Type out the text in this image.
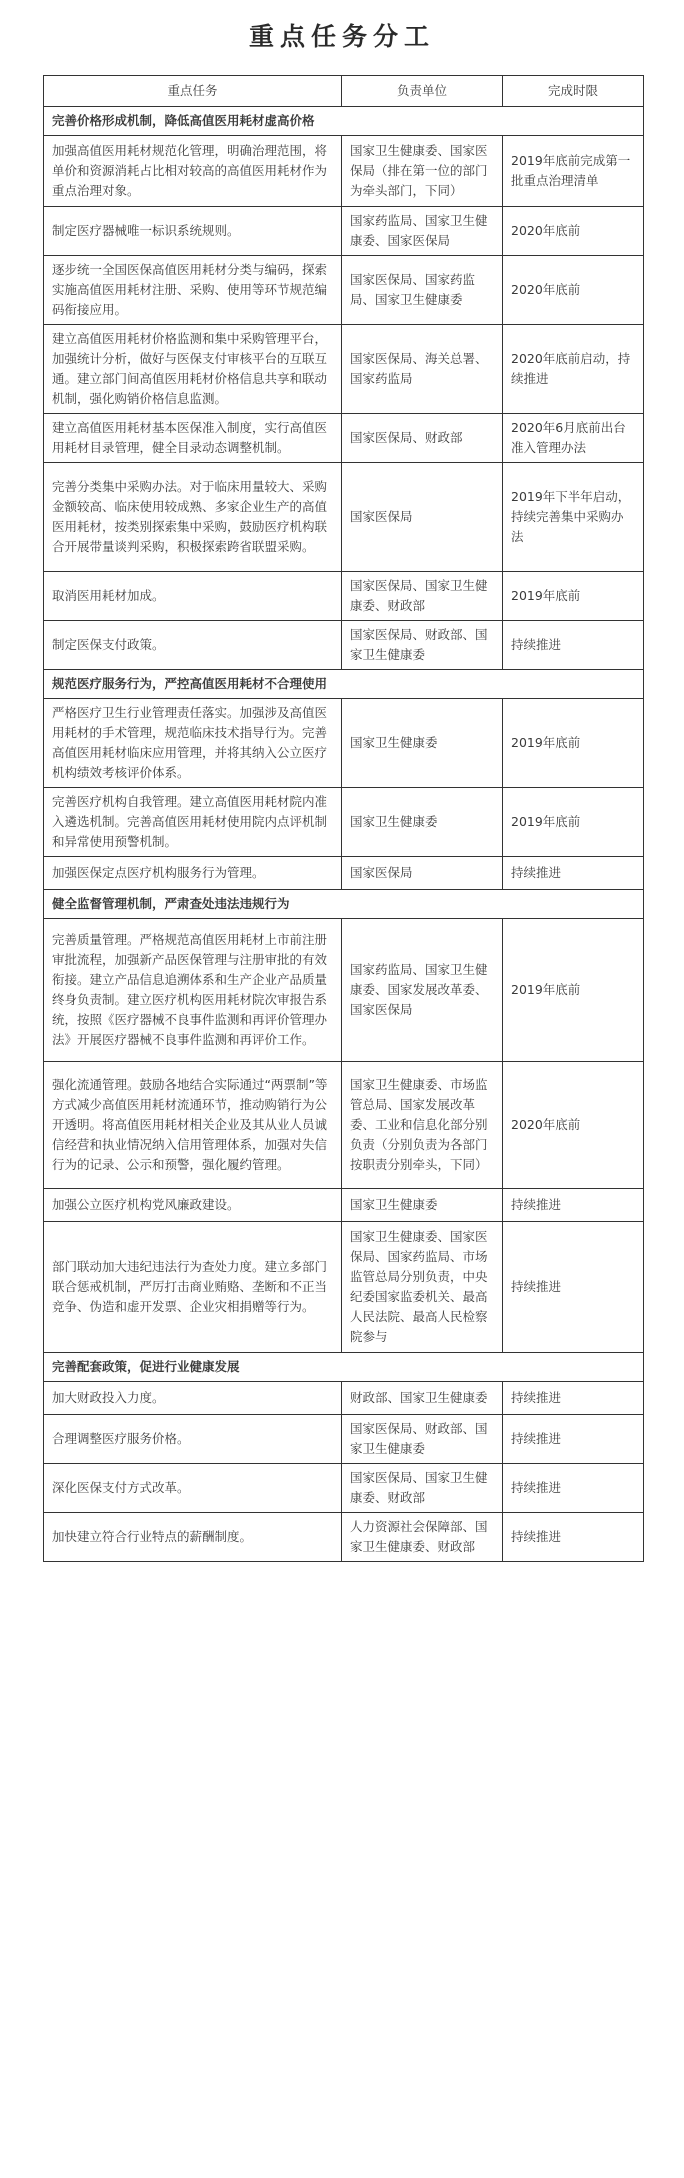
重点任务分工
重点任务	负责单位	完成时限
完善价格形成机制，降低高值医用耗材虚高价格		
加强高值医用耗材规范化管理，明确治理范围，将单价和资源消耗占比相对较高的高值医用耗材作为重点治理对象。	国家卫生健康委、国家医保局（排在第一位的部门为牵头部门，下同）	2019年底前完成第一批重点治理清单
制定医疗器械唯一标识系统规则。	国家药监局、国家卫生健康委、国家医保局	2020年底前
逐步统一全国医保高值医用耗材分类与编码，探索实施高值医用耗材注册、采购、使用等环节规范编码衔接应用。	国家医保局、国家药监局、国家卫生健康委	2020年底前
建立高值医用耗材价格监测和集中采购管理平台，加强统计分析，做好与医保支付审核平台的互联互通。建立部门间高值医用耗材价格信息共享和联动机制，强化购销价格信息监测。	国家医保局、海关总署、国家药监局	2020年底前启动，持续推进
建立高值医用耗材基本医保准入制度，实行高值医用耗材目录管理，健全目录动态调整机制。	国家医保局、财政部	2020年6月底前出台准入管理办法
完善分类集中采购办法。对于临床用量较大、采购金额较高、临床使用较成熟、多家企业生产的高值医用耗材，按类别探索集中采购，鼓励医疗机构联合开展带量谈判采购，积极探索跨省联盟采购。	国家医保局	2019年下半年启动，持续完善集中采购办法
取消医用耗材加成。	国家医保局、国家卫生健康委、财政部	2019年底前
制定医保支付政策。	国家医保局、财政部、国家卫生健康委	持续推进
规范医疗服务行为，严控高值医用耗材不合理使用		
严格医疗卫生行业管理责任落实。加强涉及高值医用耗材的手术管理，规范临床技术指导行为。完善高值医用耗材临床应用管理，并将其纳入公立医疗机构绩效考核评价体系。	国家卫生健康委	2019年底前
完善医疗机构自我管理。建立高值医用耗材院内准入遴选机制。完善高值医用耗材使用院内点评机制和异常使用预警机制。	国家卫生健康委	2019年底前
加强医保定点医疗机构服务行为管理。	国家医保局	持续推进
健全监督管理机制，严肃查处违法违规行为		
完善质量管理。严格规范高值医用耗材上市前注册审批流程，加强新产品医保管理与注册审批的有效衔接。建立产品信息追溯体系和生产企业产品质量终身负责制。建立医疗机构医用耗材院次审报告系统，按照《医疗器械不良事件监测和再评价管理办法》开展医疗器械不良事件监测和再评价工作。	国家药监局、国家卫生健康委、国家发展改革委、国家医保局	2019年底前
强化流通管理。鼓励各地结合实际通过“两票制”等方式减少高值医用耗材流通环节，推动购销行为公开透明。将高值医用耗材相关企业及其从业人员诚信经营和执业情况纳入信用管理体系，加强对失信行为的记录、公示和预警，强化履约管理。	国家卫生健康委、市场监管总局、国家发展改革委、工业和信息化部分别负责（分别负责为各部门按职责分别牵头，下同）	2020年底前
加强公立医疗机构党风廉政建设。	国家卫生健康委	持续推进
部门联动加大违纪违法行为查处力度。建立多部门联合惩戒机制，严厉打击商业贿赂、垄断和不正当竞争、伪造和虚开发票、企业灾相捐赠等行为。	国家卫生健康委、国家医保局、国家药监局、市场监管总局分别负责，中央纪委国家监委机关、最高人民法院、最高人民检察院参与	持续推进
完善配套政策，促进行业健康发展		
加大财政投入力度。	财政部、国家卫生健康委	持续推进
合理调整医疗服务价格。	国家医保局、财政部、国家卫生健康委	持续推进
深化医保支付方式改革。	国家医保局、国家卫生健康委、财政部	持续推进
加快建立符合行业特点的薪酬制度。	人力资源社会保障部、国家卫生健康委、财政部	持续推进
